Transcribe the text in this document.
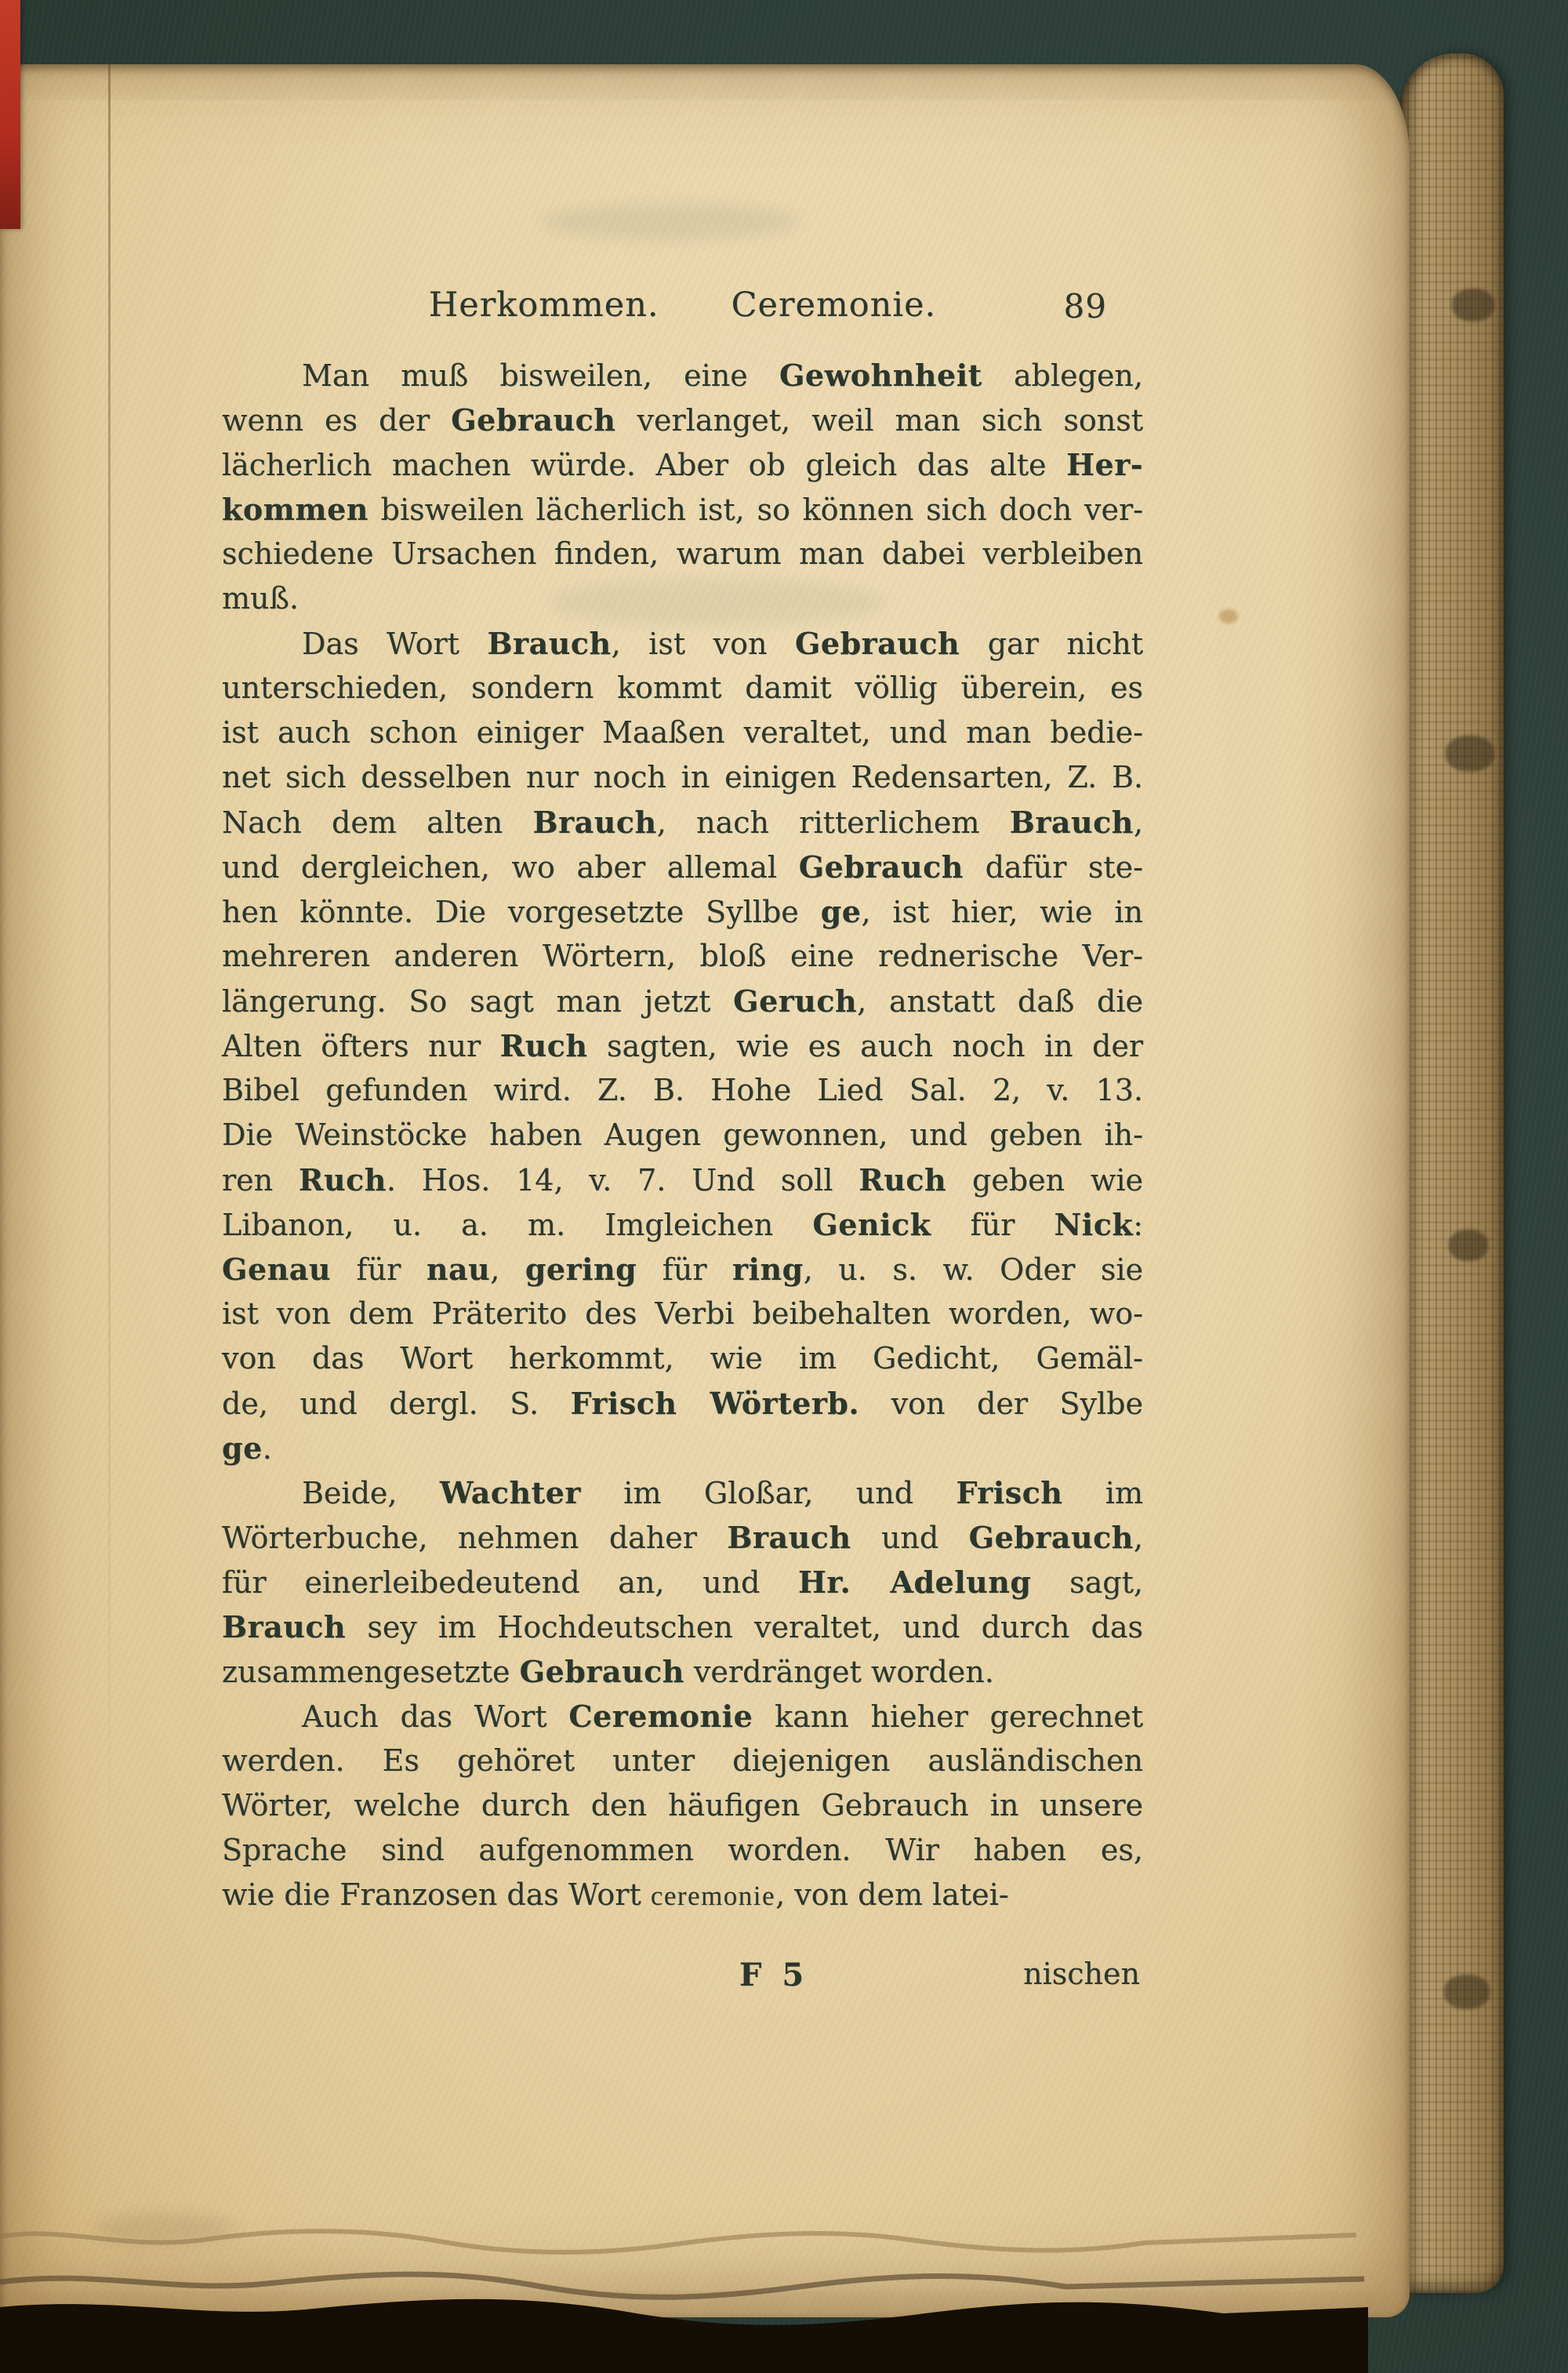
Herkommen. Ceremonie.	89
Man muß bisweilen, eine Gewohnheit ablegen,
wenn es der Gebrauch verlanget, weil man sich sonst
lächerlich machen würde. Aber ob gleich das alte Her-
kommen bisweilen lächerlich ist, so können sich doch ver-
schiedene Ursachen finden, warum man dabei verbleiben
muß.
Das Wort Brauch, ist von Gebrauch gar nicht
unterschieden, sondern kommt damit völlig überein, es
ist auch schon einiger Maaßen veraltet, und man bedie-
net sich desselben nur noch in einigen Redensarten, Z. B.
Nach dem alten Brauch, nach ritterlichem Brauch,
und dergleichen, wo aber allemal Gebrauch dafür ste-
hen könnte. Die vorgesetzte Syllbe ge, ist hier, wie in
mehreren anderen Wörtern, bloß eine rednerische Ver-
längerung. So sagt man jetzt Geruch, anstatt daß die
Alten öfters nur Ruch sagten, wie es auch noch in der
Bibel gefunden wird. Z. B. Hohe Lied Sal. 2, v. 13.
Die Weinstöcke haben Augen gewonnen, und geben ih-
ren Ruch. Hos. 14, v. 7. Und soll Ruch geben wie
Libanon, u. a. m. Imgleichen Genick für Nick:
Genau für nau, gering für ring, u. s. w. Oder sie
ist von dem Präterito des Verbi beibehalten worden, wo-
von das Wort herkommt, wie im Gedicht, Gemäl-
de, und dergl. S. Frisch Wörterb. von der Sylbe
ge.
Beide, Wachter im Gloßar, und Frisch im
Wörterbuche, nehmen daher Brauch und Gebrauch,
für einerleibedeutend an, und Hr. Adelung sagt,
Brauch sey im Hochdeutschen veraltet, und durch das
zusammengesetzte Gebrauch verdränget worden.
Auch das Wort Ceremonie kann hieher gerechnet
werden. Es gehöret unter diejenigen ausländischen
Wörter, welche durch den häufigen Gebrauch in unsere
Sprache sind aufgenommen worden. Wir haben es,
wie die Franzosen das Wort ceremonie, von dem latei-
F 5	nischen
